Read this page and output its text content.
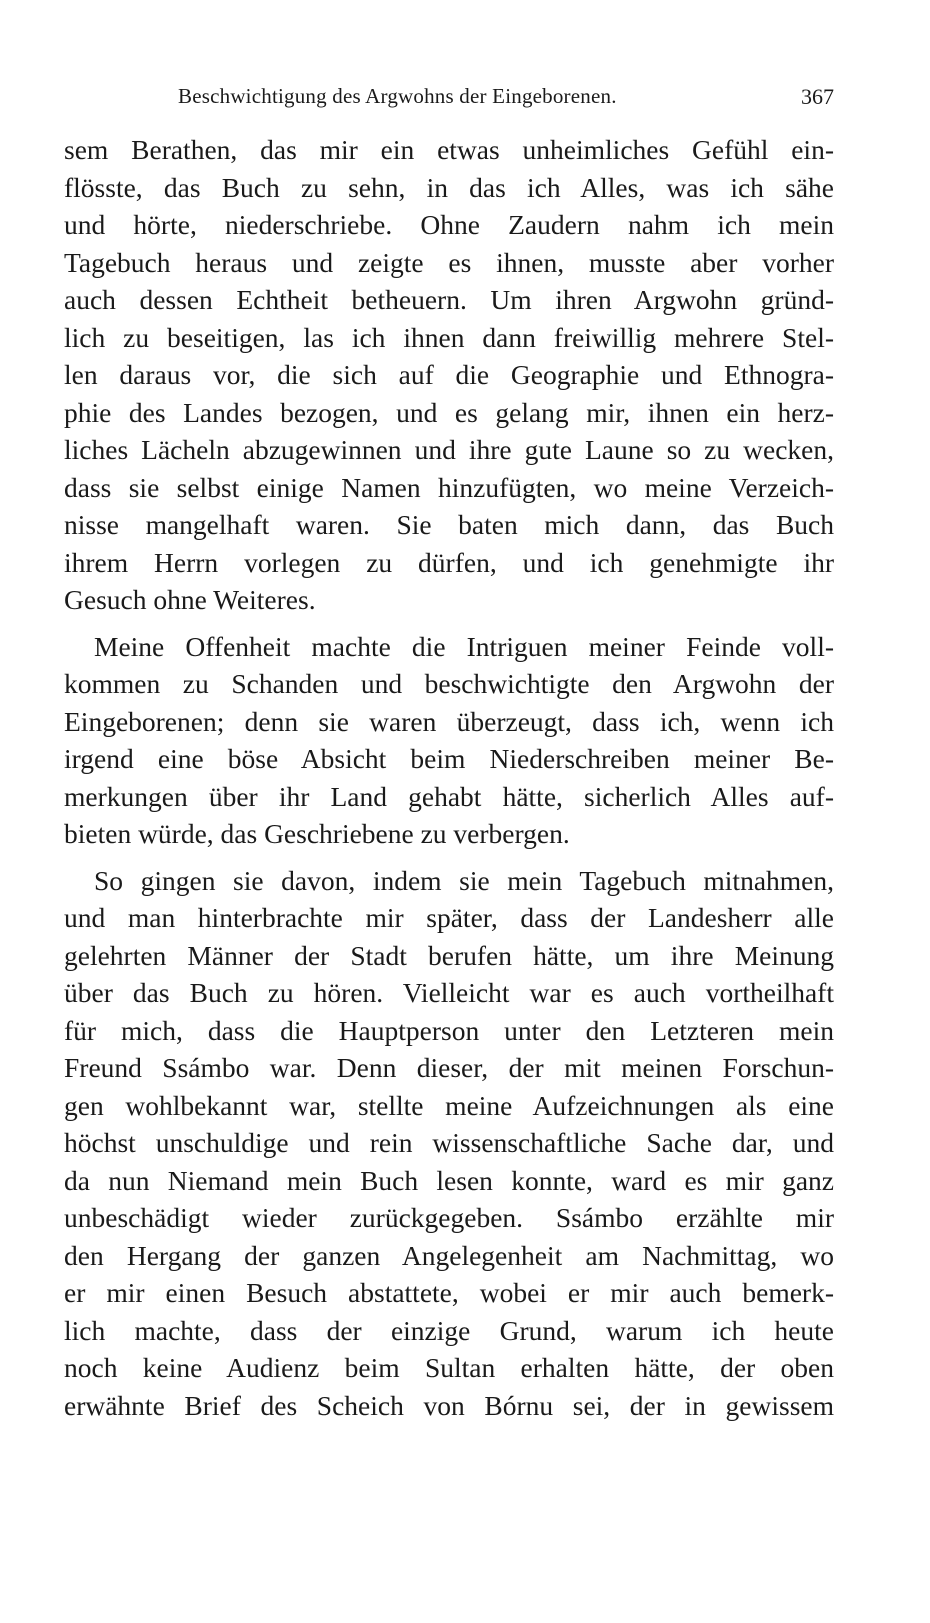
Beschwichtigung des Argwohns der Eingeborenen.	367
sem Berathen, das mir ein etwas unheimliches Gefühl ein-
flösste, das Buch zu sehn, in das ich Alles, was ich sähe
und hörte, niederschriebe. Ohne Zaudern nahm ich mein
Tagebuch heraus und zeigte es ihnen, musste aber vorher
auch dessen Echtheit betheuern. Um ihren Argwohn gründ-
lich zu beseitigen, las ich ihnen dann freiwillig mehrere Stel-
len daraus vor, die sich auf die Geographie und Ethnogra-
phie des Landes bezogen, und es gelang mir, ihnen ein herz-
liches Lächeln abzugewinnen und ihre gute Laune so zu wecken,
dass sie selbst einige Namen hinzufügten, wo meine Verzeich-
nisse mangelhaft waren. Sie baten mich dann, das Buch
ihrem Herrn vorlegen zu dürfen, und ich genehmigte ihr
Gesuch ohne Weiteres.
Meine Offenheit machte die Intriguen meiner Feinde voll-
kommen zu Schanden und beschwichtigte den Argwohn der
Eingeborenen; denn sie waren überzeugt, dass ich, wenn ich
irgend eine böse Absicht beim Niederschreiben meiner Be-
merkungen über ihr Land gehabt hätte, sicherlich Alles auf-
bieten würde, das Geschriebene zu verbergen.
So gingen sie davon, indem sie mein Tagebuch mitnahmen,
und man hinterbrachte mir später, dass der Landesherr alle
gelehrten Männer der Stadt berufen hätte, um ihre Meinung
über das Buch zu hören. Vielleicht war es auch vortheilhaft
für mich, dass die Hauptperson unter den Letzteren mein
Freund Ssámbo war. Denn dieser, der mit meinen Forschun-
gen wohlbekannt war, stellte meine Aufzeichnungen als eine
höchst unschuldige und rein wissenschaftliche Sache dar, und
da nun Niemand mein Buch lesen konnte, ward es mir ganz
unbeschädigt wieder zurückgegeben. Ssámbo erzählte mir
den Hergang der ganzen Angelegenheit am Nachmittag, wo
er mir einen Besuch abstattete, wobei er mir auch bemerk-
lich machte, dass der einzige Grund, warum ich heute
noch keine Audienz beim Sultan erhalten hätte, der oben
erwähnte Brief des Scheich von Bórnu sei, der in gewissem
